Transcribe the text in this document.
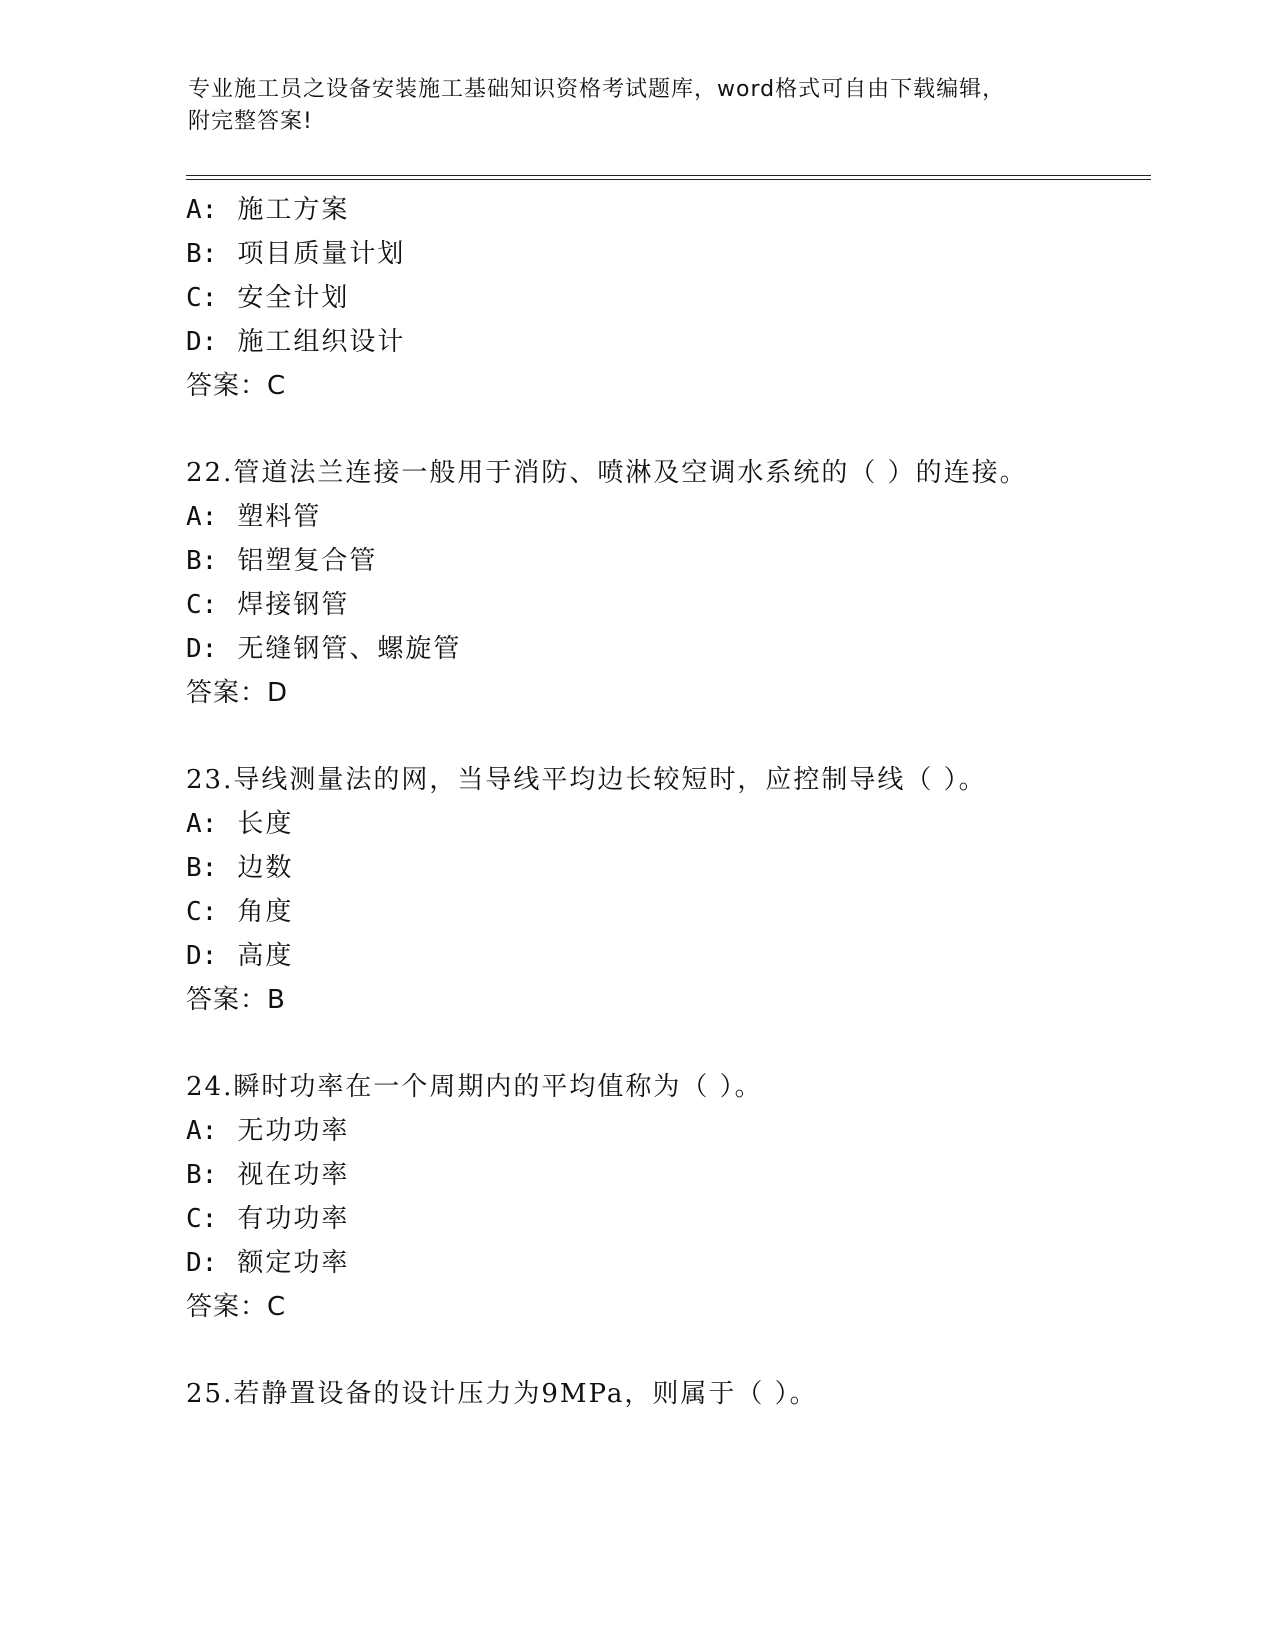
专业施工员之设备安装施工基础知识资格考试题库，word格式可自由下载编辑，
附完整答案!
A: 施工方案
B: 项目质量计划
C: 安全计划
D: 施工组织设计
答案：C
22.管道法兰连接一般用于消防、喷淋及空调水系统的（ ）的连接。
A: 塑料管
B: 铝塑复合管
C: 焊接钢管
D: 无缝钢管、螺旋管
答案：D
23.导线测量法的网，当导线平均边长较短时，应控制导线（ ）。
A: 长度
B: 边数
C: 角度
D: 高度
答案：B
24.瞬时功率在一个周期内的平均值称为（ ）。
A: 无功功率
B: 视在功率
C: 有功功率
D: 额定功率
答案：C
25.若静置设备的设计压力为9MPa，则属于（ ）。
